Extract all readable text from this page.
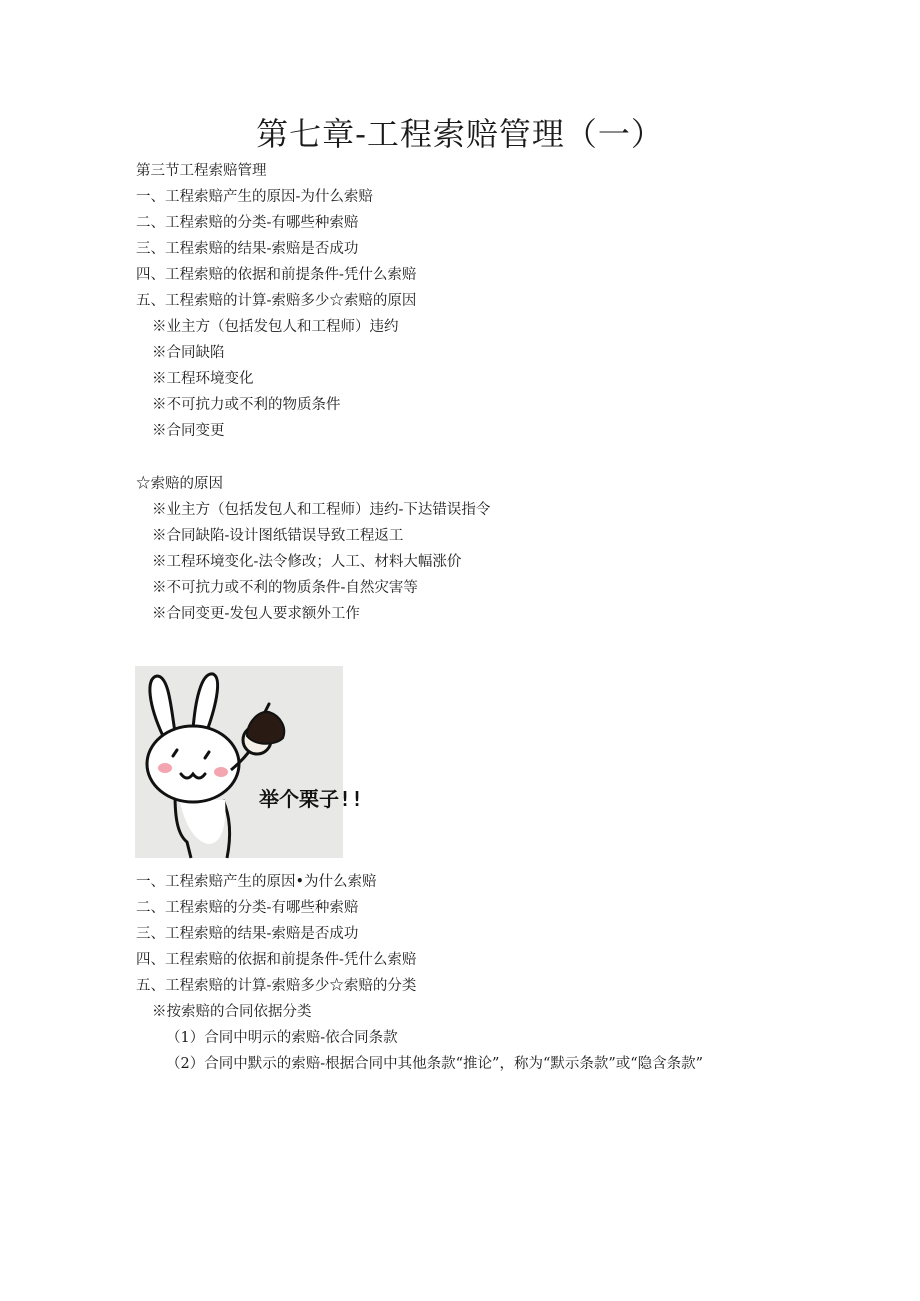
第七章-工程索赔管理（一）
第三节工程索赔管理
一、工程索赔产生的原因-为什么索赔
二、工程索赔的分类-有哪些种索赔
三、工程索赔的结果-索赔是否成功
四、工程索赔的依据和前提条件-凭什么索赔
五、工程索赔的计算-索赔多少☆索赔的原因
※业主方（包括发包人和工程师）违约
※合同缺陷
※工程环境变化
※不可抗力或不利的物质条件
※合同变更
☆索赔的原因
※业主方（包括发包人和工程师）违约-下达错误指令
※合同缺陷-设计图纸错误导致工程返工
※工程环境变化-法令修改；人工、材料大幅涨价
※不可抗力或不利的物质条件-自然灾害等
※合同变更-发包人要求额外工作
举个栗子!!
一、工程索赔产生的原因•为什么索赔
二、工程索赔的分类-有哪些种索赔
三、工程索赔的结果-索赔是否成功
四、工程索赔的依据和前提条件-凭什么索赔
五、工程索赔的计算-索赔多少☆索赔的分类
※按索赔的合同依据分类
（1）合同中明示的索赔-依合同条款
（2）合同中默示的索赔-根据合同中其他条款“推论”，称为“默示条款”或“隐含条款”
